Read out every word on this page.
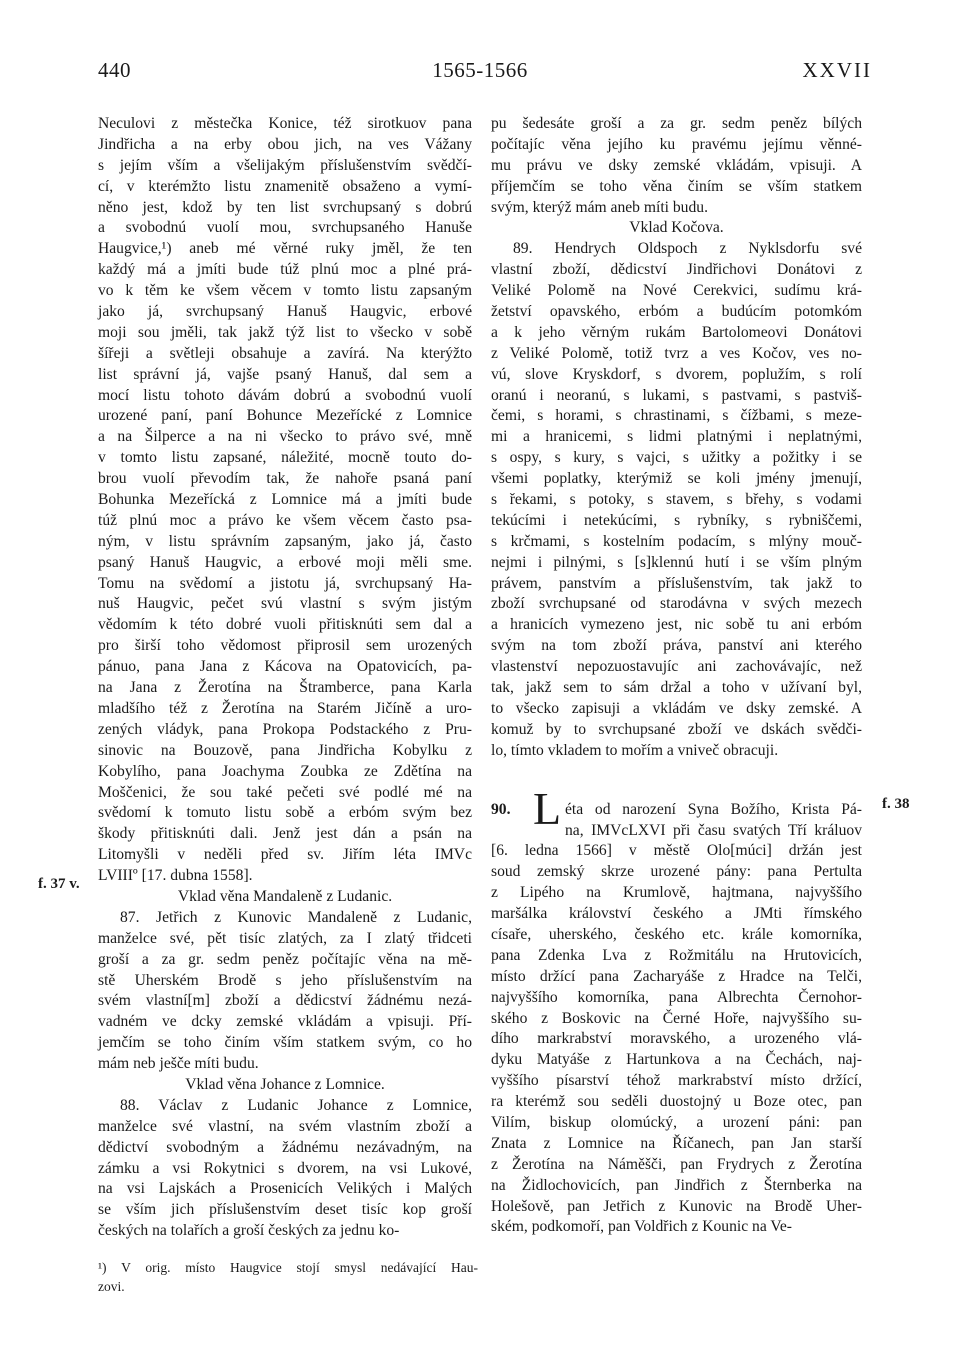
440	1565-1566	XXVII
f. 37 v.
f. 38
Neculovi z městečka Konice, též sirotkuov pana
Jindřicha a na erby obou jich, na ves Vážany
s jejím vším a všelijakým příslušenstvím svědčí-
cí, v kterémžto listu znamenitě obsaženo a vymí-
něno jest, kdož by ten list svrchupsaný s dobrú
a svobodnú vuolí mou, svrchupsaného Hanuše
Haugvice,¹) aneb mé věrné ruky jměl, že ten
každý má a jmíti bude túž plnú moc a plné prá-
vo k těm ke všem věcem v tomto listu zapsaným
jako já, svrchupsaný Hanuš Haugvic, erbové
moji sou jměli, tak jakž týž list to všecko v sobě
šířeji a světleji obsahuje a zavírá. Na kterýžto
list správní já, vajše psaný Hanuš, dal sem a
mocí listu tohoto dávám dobrú a svobodnú vuolí
urozené paní, paní Bohunce Mezeřícké z Lomnice
a na Šilperce a na ni všecko to právo své, mně
v tomto listu zapsané, náležité, mocně touto do-
brou vuolí převodím tak, že nahoře psaná paní
Bohunka Mezeřícká z Lomnice má a jmíti bude
túž plnú moc a právo ke všem věcem často psa-
ným, v listu správním zapsaným, jako já, často
psaný Hanuš Haugvic, a erbové moji měli sme.
Tomu na svědomí a jistotu já, svrchupsaný Ha-
nuš Haugvic, pečet svú vlastní s svým jistým
vědomím k této dobré vuoli přitisknúti sem dal a
pro širší toho vědomost připrosil sem urozených
pánuo, pana Jana z Kácova na Opatovicích, pa-
na Jana z Žerotína na Štramberce, pana Karla
mladšího též z Žerotína na Starém Jičíně a uro-
zených vládyk, pana Prokopa Podstackého z Pru-
sinovic na Bouzově, pana Jindřicha Kobylku z
Kobylího, pana Joachyma Zoubka ze Zdětína na
Moščenici, že sou také pečeti své podlé mé na
svědomí k tomuto listu sobě a erbóm svým bez
škody přitisknúti dali. Jenž jest dán a psán na
Litomyšli v neděli před sv. Jiřím léta IMVc
LVIIIº [17. dubna 1558].
Vklad věna Mandaleně z Ludanic.
87. Jetřich z Kunovic Mandaleně z Ludanic,
manželce své, pět tisíc zlatých, za I zlatý třidceti
groší a za gr. sedm peněz počítajíc věna na mě-
stě Uherském Brodě s jeho příslušenstvím na
svém vlastní[m] zboží a dědicství žádnému nezá-
vadném ve dcky zemské vkládám a vpisuji. Pří-
jemčím se toho činím vším statkem svým, co ho
mám neb ješče míti budu.
Vklad věna Johance z Lomnice.
88. Václav z Ludanic Johance z Lomnice,
manželce své vlastní, na svém vlastním zboží a
dědictví svobodným a žádnému nezávadným, na
zámku a vsi Rokytnici s dvorem, na vsi Lukové,
na vsi Lajskách a Prosenicích Velikých i Malých
se vším jich příslušenstvím deset tisíc kop groší
českých na tolařích a groší českých za jednu ko-
pu šedesáte groší a za gr. sedm peněz bílých
počítajíc věna jejího ku pravému jejímu věnné-
mu právu ve dsky zemské vkládám, vpisuji. A
příjemčím se toho věna činím se vším statkem
svým, kterýž mám aneb míti budu.
Vklad Kočova.
89. Hendrych Oldspoch z Nyklsdorfu své
vlastní zboží, dědicství Jindřichovi Donátovi z
Veliké Polomě na Nové Cerekvici, sudímu krá-
žetství opavského, erbóm a budúcím potomkóm
a k jeho věrným rukám Bartolomeovi Donátovi
z Veliké Polomě, totiž tvrz a ves Kočov, ves no-
vú, slove Kryskdorf, s dvorem, poplužím, s rolí
oranú i neoranú, s lukami, s pastvami, s pastviš-
čemi, s horami, s chrastinami, s čížbami, s meze-
mi a hranicemi, s lidmi platnými i neplatnými,
s ospy, s kury, s vajci, s užitky a požitky i se
všemi poplatky, kterýmiž se koli jmény jmenují,
s řekami, s potoky, s stavem, s břehy, s vodami
tekúcími i netekúcími, s rybníky, s rybniščemi,
s krčmami, s kostelním podacím, s mlýny mouč-
nejmi i pilnými, s [s]klennú hutí i se vším plným
právem, panstvím a příslušenstvím, tak jakž to
zboží svrchupsané od starodávna v svých mezech
a hranicích vymezeno jest, nic sobě tu ani erbóm
svým na tom zboží práva, panství ani kterého
vlastenství nepozuostavujíc ani zachovávajíc, než
tak, jakž sem to sám držal a toho v užívaní byl,
to všecko zapisuji a vkládám ve dsky zemské. A
komuž by to svrchupsané zboží ve dskách svědči-
lo, tímto vkladem to mořím a vniveč obracuji.
90. L éta od narození Syna Božího, Krista Pá-
na, IMVcLXVI při času svatých Tří králuov
[6. ledna 1566] v městě Olo[múci] držán jest
soud zemský skrze urozené pány: pana Pertulta
z Lipého na Krumlově, hajtmana, najvyššího
maršálka království českého a JMti římského
císaře, uherského, českého etc. krále komorníka,
pana Zdenka Lva z Rožmitálu na Hrutovicích,
místo držící pana Zacharyáše z Hradce na Telči,
najvyššího komorníka, pana Albrechta Černohor-
ského z Boskovic na Černé Hoře, najvyššího su-
dího markrabství moravského, a urozeného vlá-
dyku Matyáše z Hartunkova a na Čechách, naj-
vyššího písarství téhož markrabství místo držící,
ra kterémž sou seděli duostojný u Boze otec, pan
Vilím, biskup olomúcký, a urození páni: pan
Znata z Lomnice na Říčanech, pan Jan starší
z Žerotína na Náměšči, pan Frydrych z Žerotína
na Židlochovicích, pan Jindřich z Šternberka na
Holešově, pan Jetřich z Kunovic na Brodě Uher-
ském, podkomoří, pan Voldřich z Kounic na Ve-
¹) V orig. místo Haugvice stojí smysl nedávající Hau-
zovi.
